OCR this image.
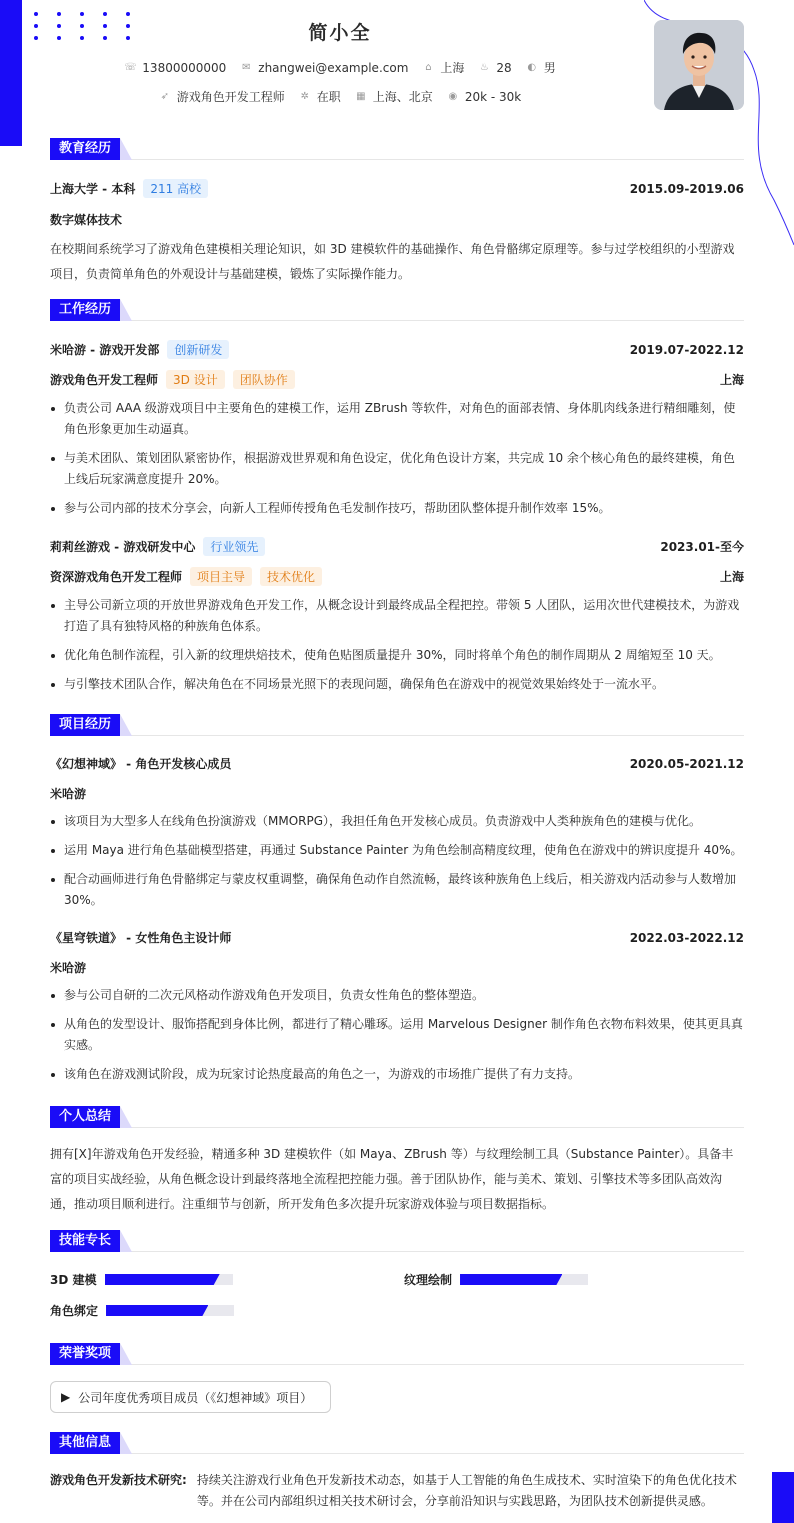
简小全
☏ 13800000000 ✉ zhangwei@example.com ⌂ 上海 ♨ 28 ◐ 男
➶ 游戏角色开发工程师 ✲ 在职 ▦ 上海、北京 ◉ 20k - 30k
教育经历
上海大学 - 本科	211 高校	2015.09-2019.06
数字媒体技术

在校期间系统学习了游戏角色建模相关理论知识，如 3D 建模软件的基础操作、角色骨骼绑定原理等。参与过学校组织的小型游戏项目，负责简单角色的外观设计与基础建模，锻炼了实际操作能力。

工作经历
米哈游 - 游戏开发部	创新研发	2019.07-2022.12
游戏角色开发工程师	3D 设计	团队协作	上海
负责公司 AAA 级游戏项目中主要角色的建模工作，运用 ZBrush 等软件，对角色的面部表情、身体肌肉线条进行精细雕刻，使角色形象更加生动逼真。
与美术团队、策划团队紧密协作，根据游戏世界观和角色设定，优化角色设计方案，共完成 10 余个核心角色的最终建模，角色上线后玩家满意度提升 20%。
参与公司内部的技术分享会，向新人工程师传授角色毛发制作技巧，帮助团队整体提升制作效率 15%。
莉莉丝游戏 - 游戏研发中心	行业领先	2023.01-至今
资深游戏角色开发工程师	项目主导	技术优化	上海
主导公司新立项的开放世界游戏角色开发工作，从概念设计到最终成品全程把控。带领 5 人团队，运用次世代建模技术，为游戏打造了具有独特风格的种族角色体系。
优化角色制作流程，引入新的纹理烘焙技术，使角色贴图质量提升 30%，同时将单个角色的制作周期从 2 周缩短至 10 天。
与引擎技术团队合作，解决角色在不同场景光照下的表现问题，确保角色在游戏中的视觉效果始终处于一流水平。
项目经历
《幻想神域》 - 角色开发核心成员	2020.05-2021.12
米哈游
该项目为大型多人在线角色扮演游戏（MMORPG），我担任角色开发核心成员。负责游戏中人类种族角色的建模与优化。
运用 Maya 进行角色基础模型搭建，再通过 Substance Painter 为角色绘制高精度纹理，使角色在游戏中的辨识度提升 40%。
配合动画师进行角色骨骼绑定与蒙皮权重调整，确保角色动作自然流畅，最终该种族角色上线后，相关游戏内活动参与人数增加 30%。
《星穹铁道》 - 女性角色主设计师	2022.03-2022.12
米哈游
参与公司自研的二次元风格动作游戏角色开发项目，负责女性角色的整体塑造。
从角色的发型设计、服饰搭配到身体比例，都进行了精心雕琢。运用 Marvelous Designer 制作角色衣物布料效果，使其更具真实感。
该角色在游戏测试阶段，成为玩家讨论热度最高的角色之一，为游戏的市场推广提供了有力支持。
个人总结

拥有[X]年游戏角色开发经验，精通多种 3D 建模软件（如 Maya、ZBrush 等）与纹理绘制工具（Substance Painter）。具备丰富的项目实战经验，从角色概念设计到最终落地全流程把控能力强。善于团队协作，能与美术、策划、引擎技术等多团队高效沟通，推动项目顺利进行。注重细节与创新，所开发角色多次提升玩家游戏体验与项目数据指标。

技能专长
3D 建模	纹理绘制
角色绑定
荣誉奖项
▶ 公司年度优秀项目成员（《幻想神域》项目）
其他信息
游戏角色开发新技术研究: 持续关注游戏行业角色开发新技术动态，如基于人工智能的角色生成技术、实时渲染下的角色优化技术等。并在公司内部组织过相关技术研讨会，分享前沿知识与实践思路，为团队技术创新提供灵感。
